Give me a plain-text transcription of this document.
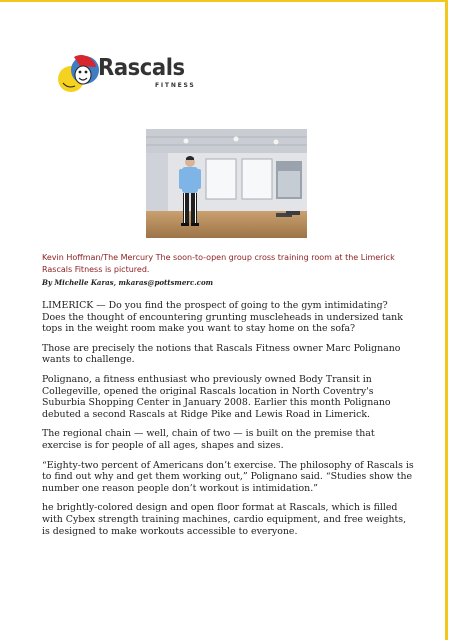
Rascals
FITNESS

Kevin Hoffman/The Mercury The soon-to-open group cross training room at the Limerick Rascals Fitness is pictured.

By Michelle Karas, mkaras@pottsmerc.com

LIMERICK — Do you find the prospect of going to the gym intimidating? Does the thought of encountering grunting muscleheads in undersized tank tops in the weight room make you want to stay home on the sofa?

Those are precisely the notions that Rascals Fitness owner Marc Polignano wants to challenge.

Polignano, a fitness enthusiast who previously owned Body Transit in Collegeville, opened the original Rascals location in North Coventry's Suburbia Shopping Center in January 2008. Earlier this month Polignano debuted a second Rascals at Ridge Pike and Lewis Road in Limerick.

The regional chain — well, chain of two — is built on the premise that exercise is for people of all ages, shapes and sizes.

“Eighty-two percent of Americans don’t exercise. The philosophy of Rascals is to find out why and get them working out,” Polignano said. “Studies show the number one reason people don’t workout is intimidation.”

he brightly-colored design and open floor format at Rascals, which is filled with Cybex strength training machines, cardio equipment, and free weights, is designed to make workouts accessible to everyone.
